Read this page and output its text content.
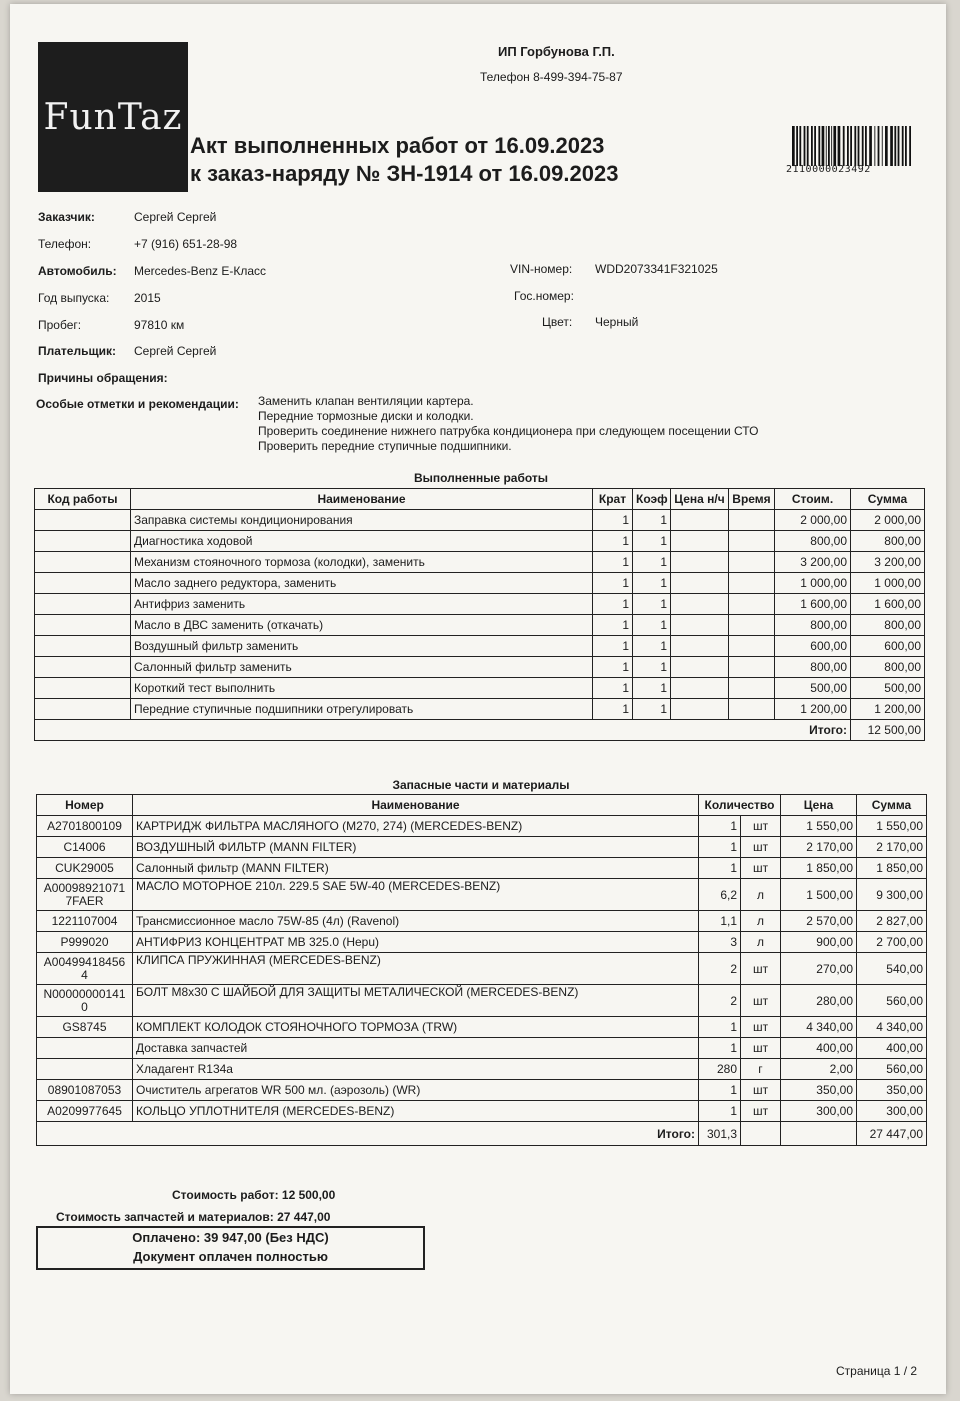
FunTaz
ИП Горбунова Г.П.
Телефон 8-499-394-75-87
Акт выполненных работ от 16.09.2023
к заказ-наряду № ЗН-1914 от 16.09.2023	2110000023492
Заказчик:	Сергей Сергей
Телефон:	+7 (916) 651-28-98
Автомобиль: Mercedes-Benz E-Класс
Год выпуска: 2015
Пробег:	97810 км
Плательщик: Сергей Сергей
VIN-номер: WDD2073341F321025
Гос.номер:
Цвет: Черный
Причины обращения:
Особые отметки и рекомендации: Заменить клапан вентиляции картера.
Передние тормозные диски и колодки.
Проверить соединение нижнего патрубка кондиционера при следующем посещении СТО
Проверить передние ступичные подшипники.
Выполненные работы
Код работы	Наименование	Крат	Коэф	Цена н/ч	Время	Стоим.	Сумма
	Заправка системы кондиционирования	1	1			2 000,00	2 000,00
	Диагностика ходовой	1	1			800,00	800,00
	Механизм стояночного тормоза (колодки), заменить	1	1			3 200,00	3 200,00
	Масло заднего редуктора, заменить	1	1			1 000,00	1 000,00
	Антифриз заменить	1	1			1 600,00	1 600,00
	Масло в ДВС заменить (откачать)	1	1			800,00	800,00
	Воздушный фильтр заменить	1	1			600,00	600,00
	Салонный фильтр заменить	1	1			800,00	800,00
	Короткий тест выполнить	1	1			500,00	500,00
	Передние ступичные подшипники отрегулировать	1	1			1 200,00	1 200,00
						Итого:	12 500,00
Запасные части и материалы
Номер	Наименование	Количество		Цена	Сумма
A2701800109	КАРТРИДЖ ФИЛЬТРА МАСЛЯНОГО (M270, 274) (MERCEDES-BENZ)	1	шт	1 550,00	1 550,00
C14006	ВОЗДУШНЫЙ ФИЛЬТР (MANN FILTER)	1	шт	2 170,00	2 170,00
CUK29005	Салонный фильтр (MANN FILTER)	1	шт	1 850,00	1 850,00
A00098921071 7FAER	МАСЛО МОТОРНОЕ 210л. 229.5 SAE 5W-40 (MERCEDES-BENZ)	6,2	л	1 500,00	9 300,00
1221107004	Трансмиссионное масло 75W-85 (4л) (Ravenol)	1,1	л	2 570,00	2 827,00
P999020	АНТИФРИЗ КОНЦЕНТРАТ MB 325.0 (Hepu)	3	л	900,00	2 700,00
A00499418456 4	КЛИПСА ПРУЖИННАЯ (MERCEDES-BENZ)	2	шт	270,00	540,00
N00000000141 0	БОЛТ M8x30 С ШАЙБОЙ ДЛЯ ЗАЩИТЫ МЕТАЛИЧЕСКОЙ (MERCEDES-BENZ)	2	шт	280,00	560,00
GS8745	КОМПЛЕКТ КОЛОДОК СТОЯНОЧНОГО ТОРМОЗА (TRW)	1	шт	4 340,00	4 340,00
	Доставка запчастей	1	шт	400,00	400,00
	Хладагент R134a	280	г	2,00	560,00
08901087053	Очиститель агрегатов WR 500 мл. (аэрозоль) (WR)	1	шт	350,00	350,00
A0209977645	КОЛЬЦО УПЛОТНИТЕЛЯ (MERCEDES-BENZ)	1	шт	300,00	300,00
	Итого:	301,3			27 447,00
Стоимость работ: 12 500,00
Стоимость запчастей и материалов: 27 447,00
Оплачено: 39 947,00 (Без НДС)
Документ оплачен полностью
Страница 1 / 2
